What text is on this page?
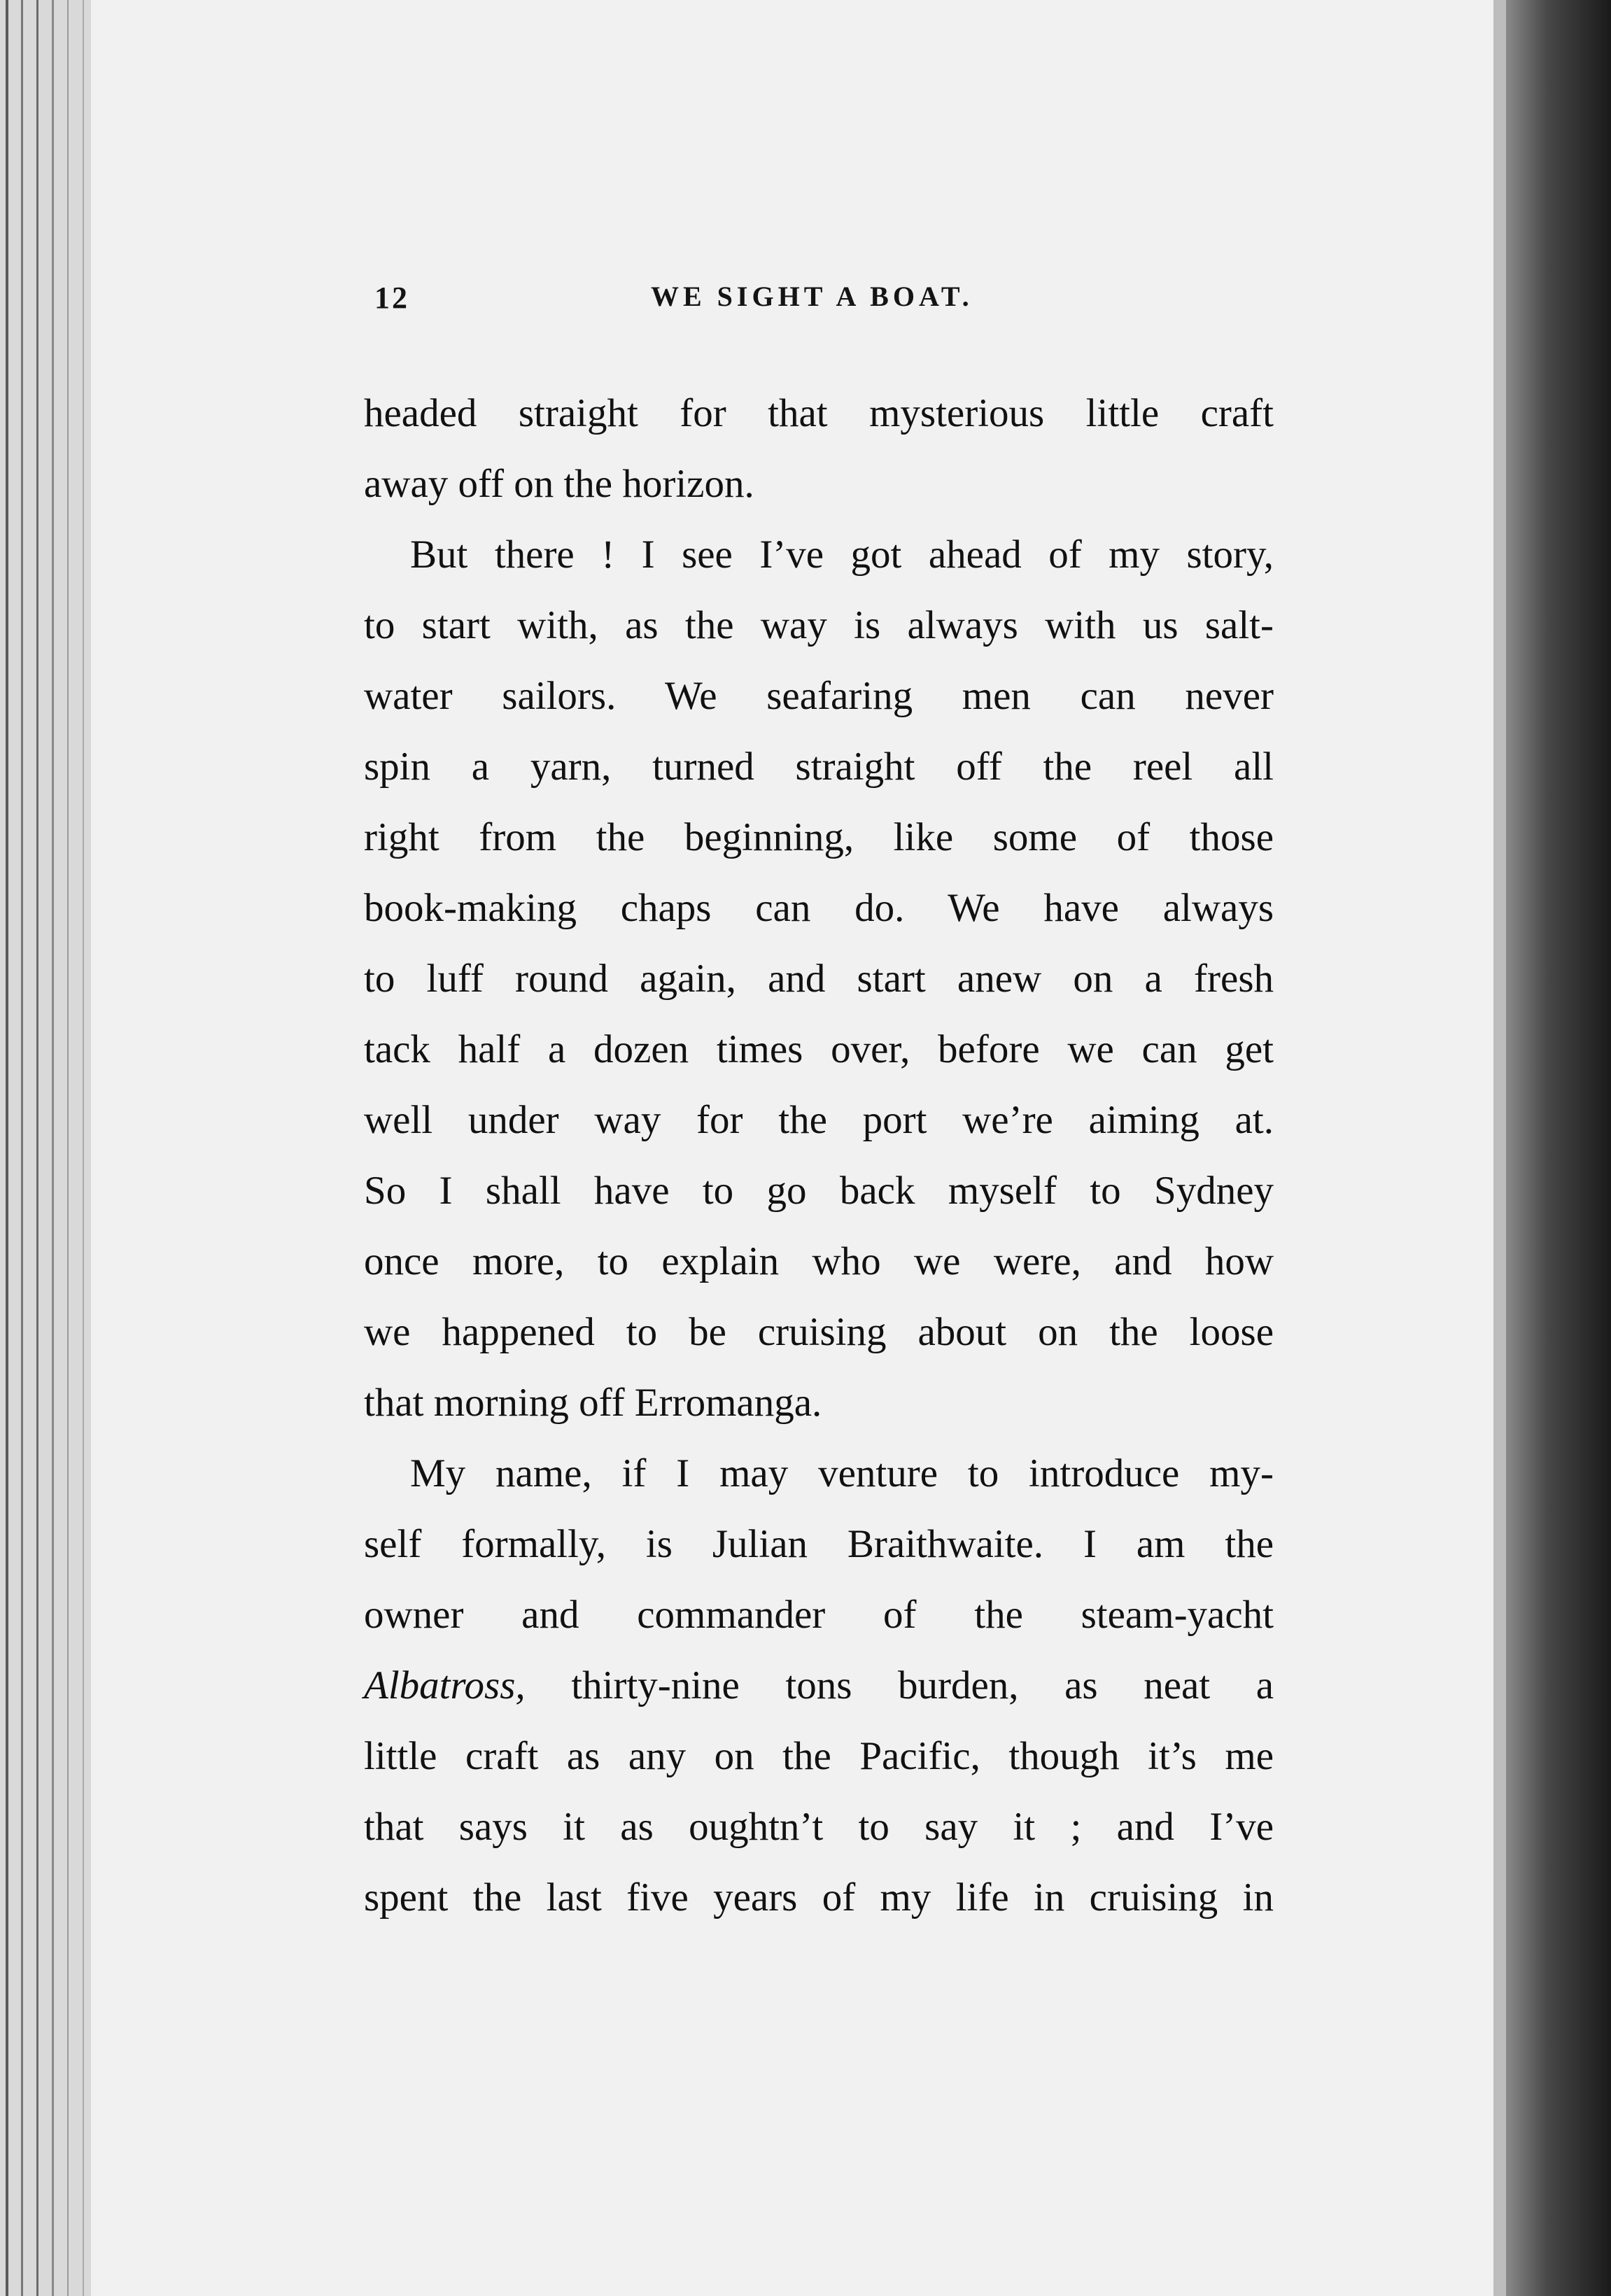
12	WE SIGHT A BOAT.
headed straight for that mysterious little craft
away off on the horizon.
But there ! I see I’ve got ahead of my story,
to start with, as the way is always with us salt-
water sailors. We seafaring men can never
spin a yarn, turned straight off the reel all
right from the beginning, like some of those
book-making chaps can do. We have always
to luff round again, and start anew on a fresh
tack half a dozen times over, before we can get
well under way for the port we’re aiming at.
So I shall have to go back myself to Sydney
once more, to explain who we were, and how
we happened to be cruising about on the loose
that morning off Erromanga.
My name, if I may venture to introduce my-
self formally, is Julian Braithwaite. I am the
owner and commander of the steam-yacht
Albatross, thirty-nine tons burden, as neat a
little craft as any on the Pacific, though it’s me
that says it as oughtn’t to say it ; and I’ve
spent the last five years of my life in cruising in
